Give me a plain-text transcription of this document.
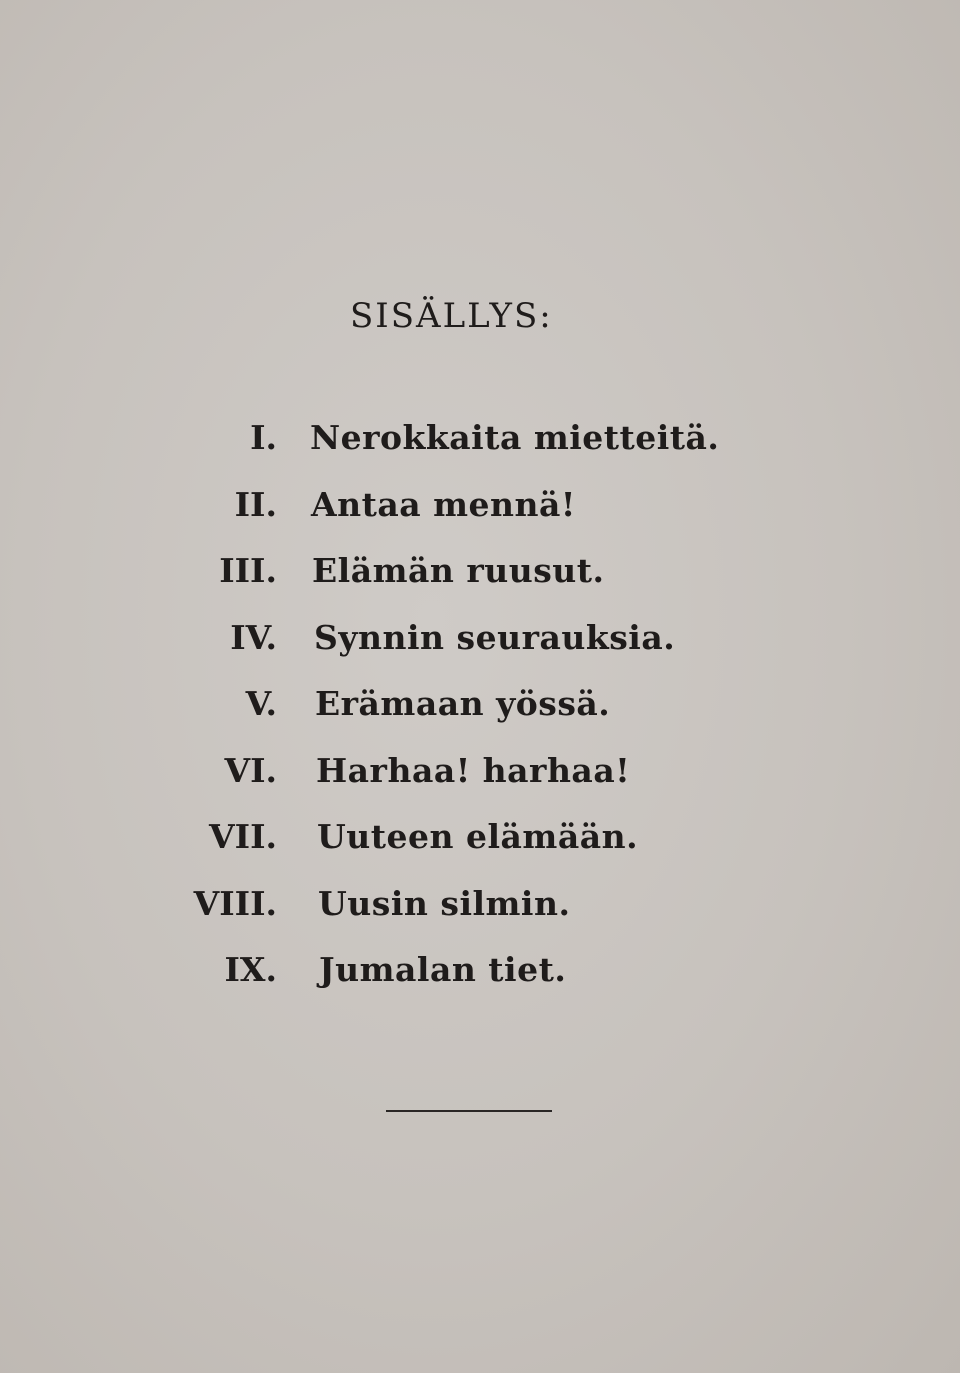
SISÄLLYS:
I. Nerokkaita mietteitä.
II. Antaa mennä!
III. Elämän ruusut.
IV. Synnin seurauksia.
V. Erämaan yössä.
VI. Harhaa! harhaa!
VII. Uuteen elämään.
VIII. Uusin silmin.
IX. Jumalan tiet.
